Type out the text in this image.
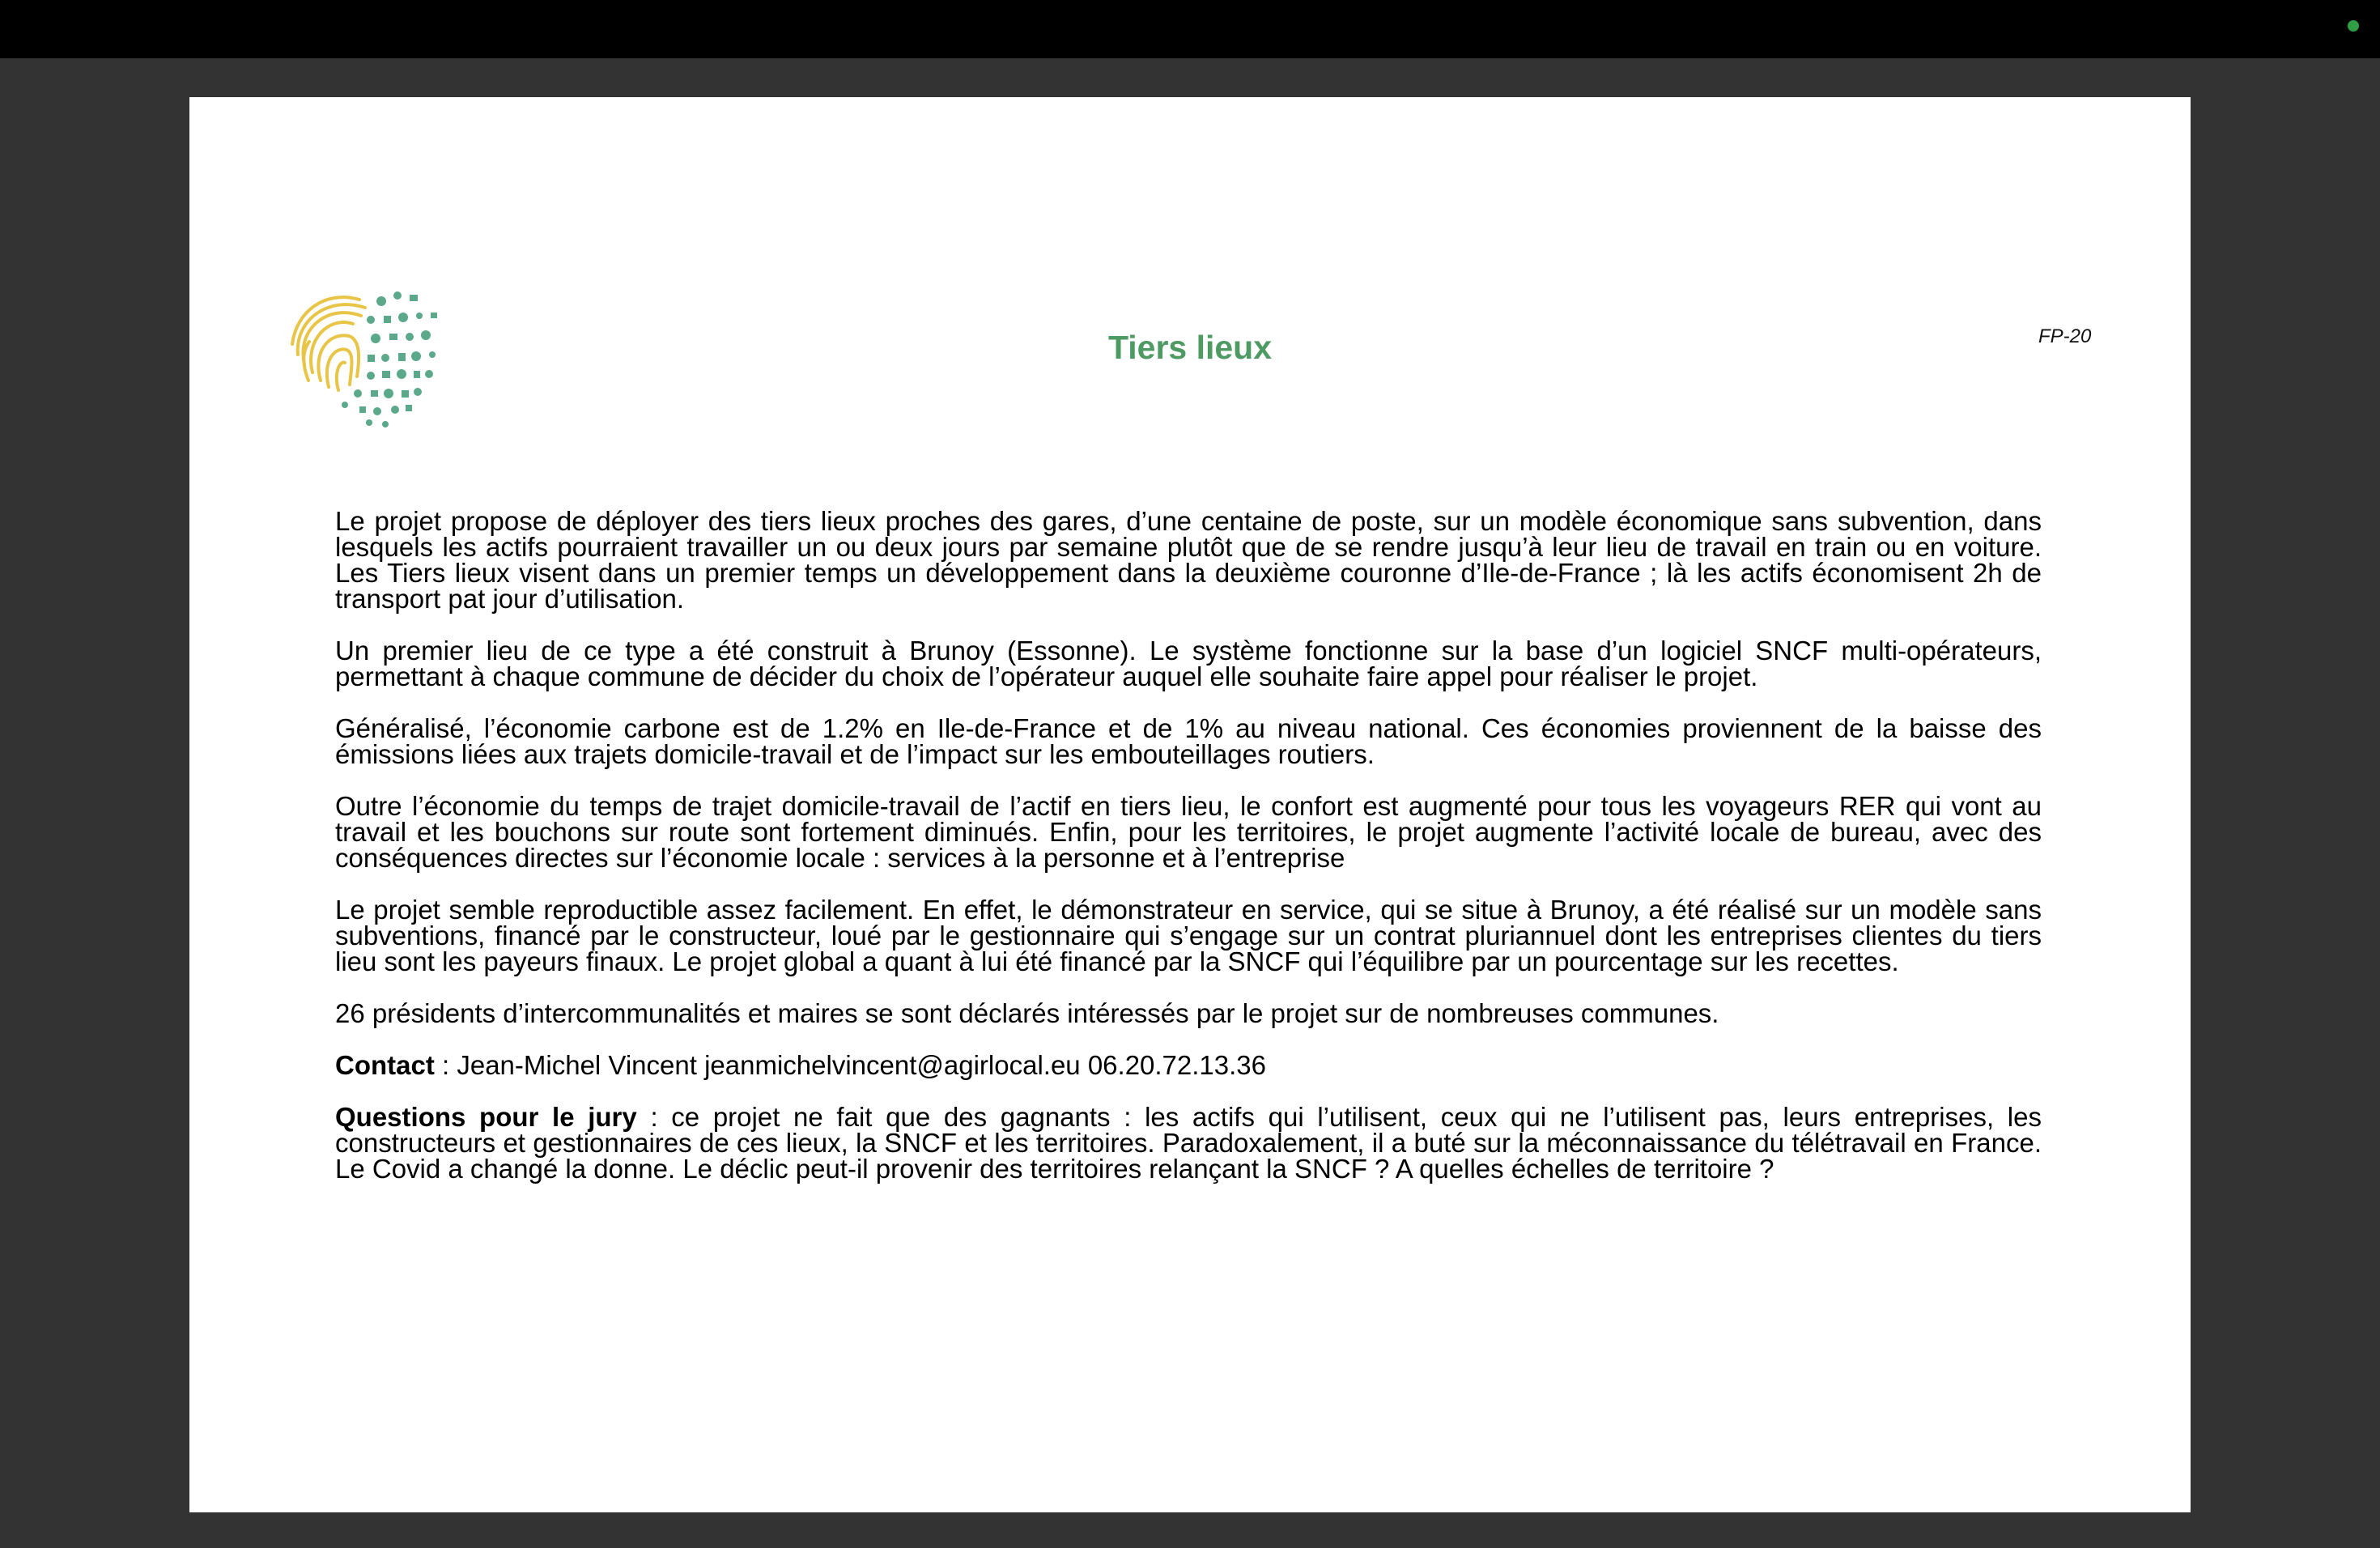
Tiers lieux	FP-20

Le projet propose de déployer des tiers lieux proches des gares, d’une centaine de poste, sur un modèle économique sans subvention, dans lesquels les actifs pourraient travailler un ou deux jours par semaine plutôt que de se rendre jusqu’à leur lieu de travail en train ou en voiture. Les Tiers lieux visent dans un premier temps un développement dans la deuxième couronne d’Ile-de-France ; là les actifs économisent 2h de transport pat jour d’utilisation.

Un premier lieu de ce type a été construit à Brunoy (Essonne). Le système fonctionne sur la base d’un logiciel SNCF multi-opérateurs, permettant à chaque commune de décider du choix de l’opérateur auquel elle souhaite faire appel pour réaliser le projet.

Généralisé, l’économie carbone est de 1.2% en Ile-de-France et de 1% au niveau national. Ces économies proviennent de la baisse des émissions liées aux trajets domicile-travail et de l’impact sur les embouteillages routiers.

Outre l’économie du temps de trajet domicile-travail de l’actif en tiers lieu, le confort est augmenté pour tous les voyageurs RER qui vont au travail et les bouchons sur route sont fortement diminués. Enfin, pour les territoires, le projet augmente l’activité locale de bureau, avec des conséquences directes sur l’économie locale : services à la personne et à l’entreprise

Le projet semble reproductible assez facilement. En effet, le démonstrateur en service, qui se situe à Brunoy, a été réalisé sur un modèle sans subventions, financé par le constructeur, loué par le gestionnaire qui s’engage sur un contrat pluriannuel dont les entreprises clientes du tiers lieu sont les payeurs finaux. Le projet global a quant à lui été financé par la SNCF qui l’équilibre par un pourcentage sur les recettes.

26 présidents d’intercommunalités et maires se sont déclarés intéressés par le projet sur de nombreuses communes.

Contact : Jean-Michel Vincent jeanmichelvincent@agirlocal.eu 06.20.72.13.36

Questions pour le jury : ce projet ne fait que des gagnants : les actifs qui l’utilisent, ceux qui ne l’utilisent pas, leurs entreprises, les constructeurs et gestionnaires de ces lieux, la SNCF et les territoires. Paradoxalement, il a buté sur la méconnaissance du télétravail en France. Le Covid a changé la donne. Le déclic peut-il provenir des territoires relançant la SNCF ? A quelles échelles de territoire ?
